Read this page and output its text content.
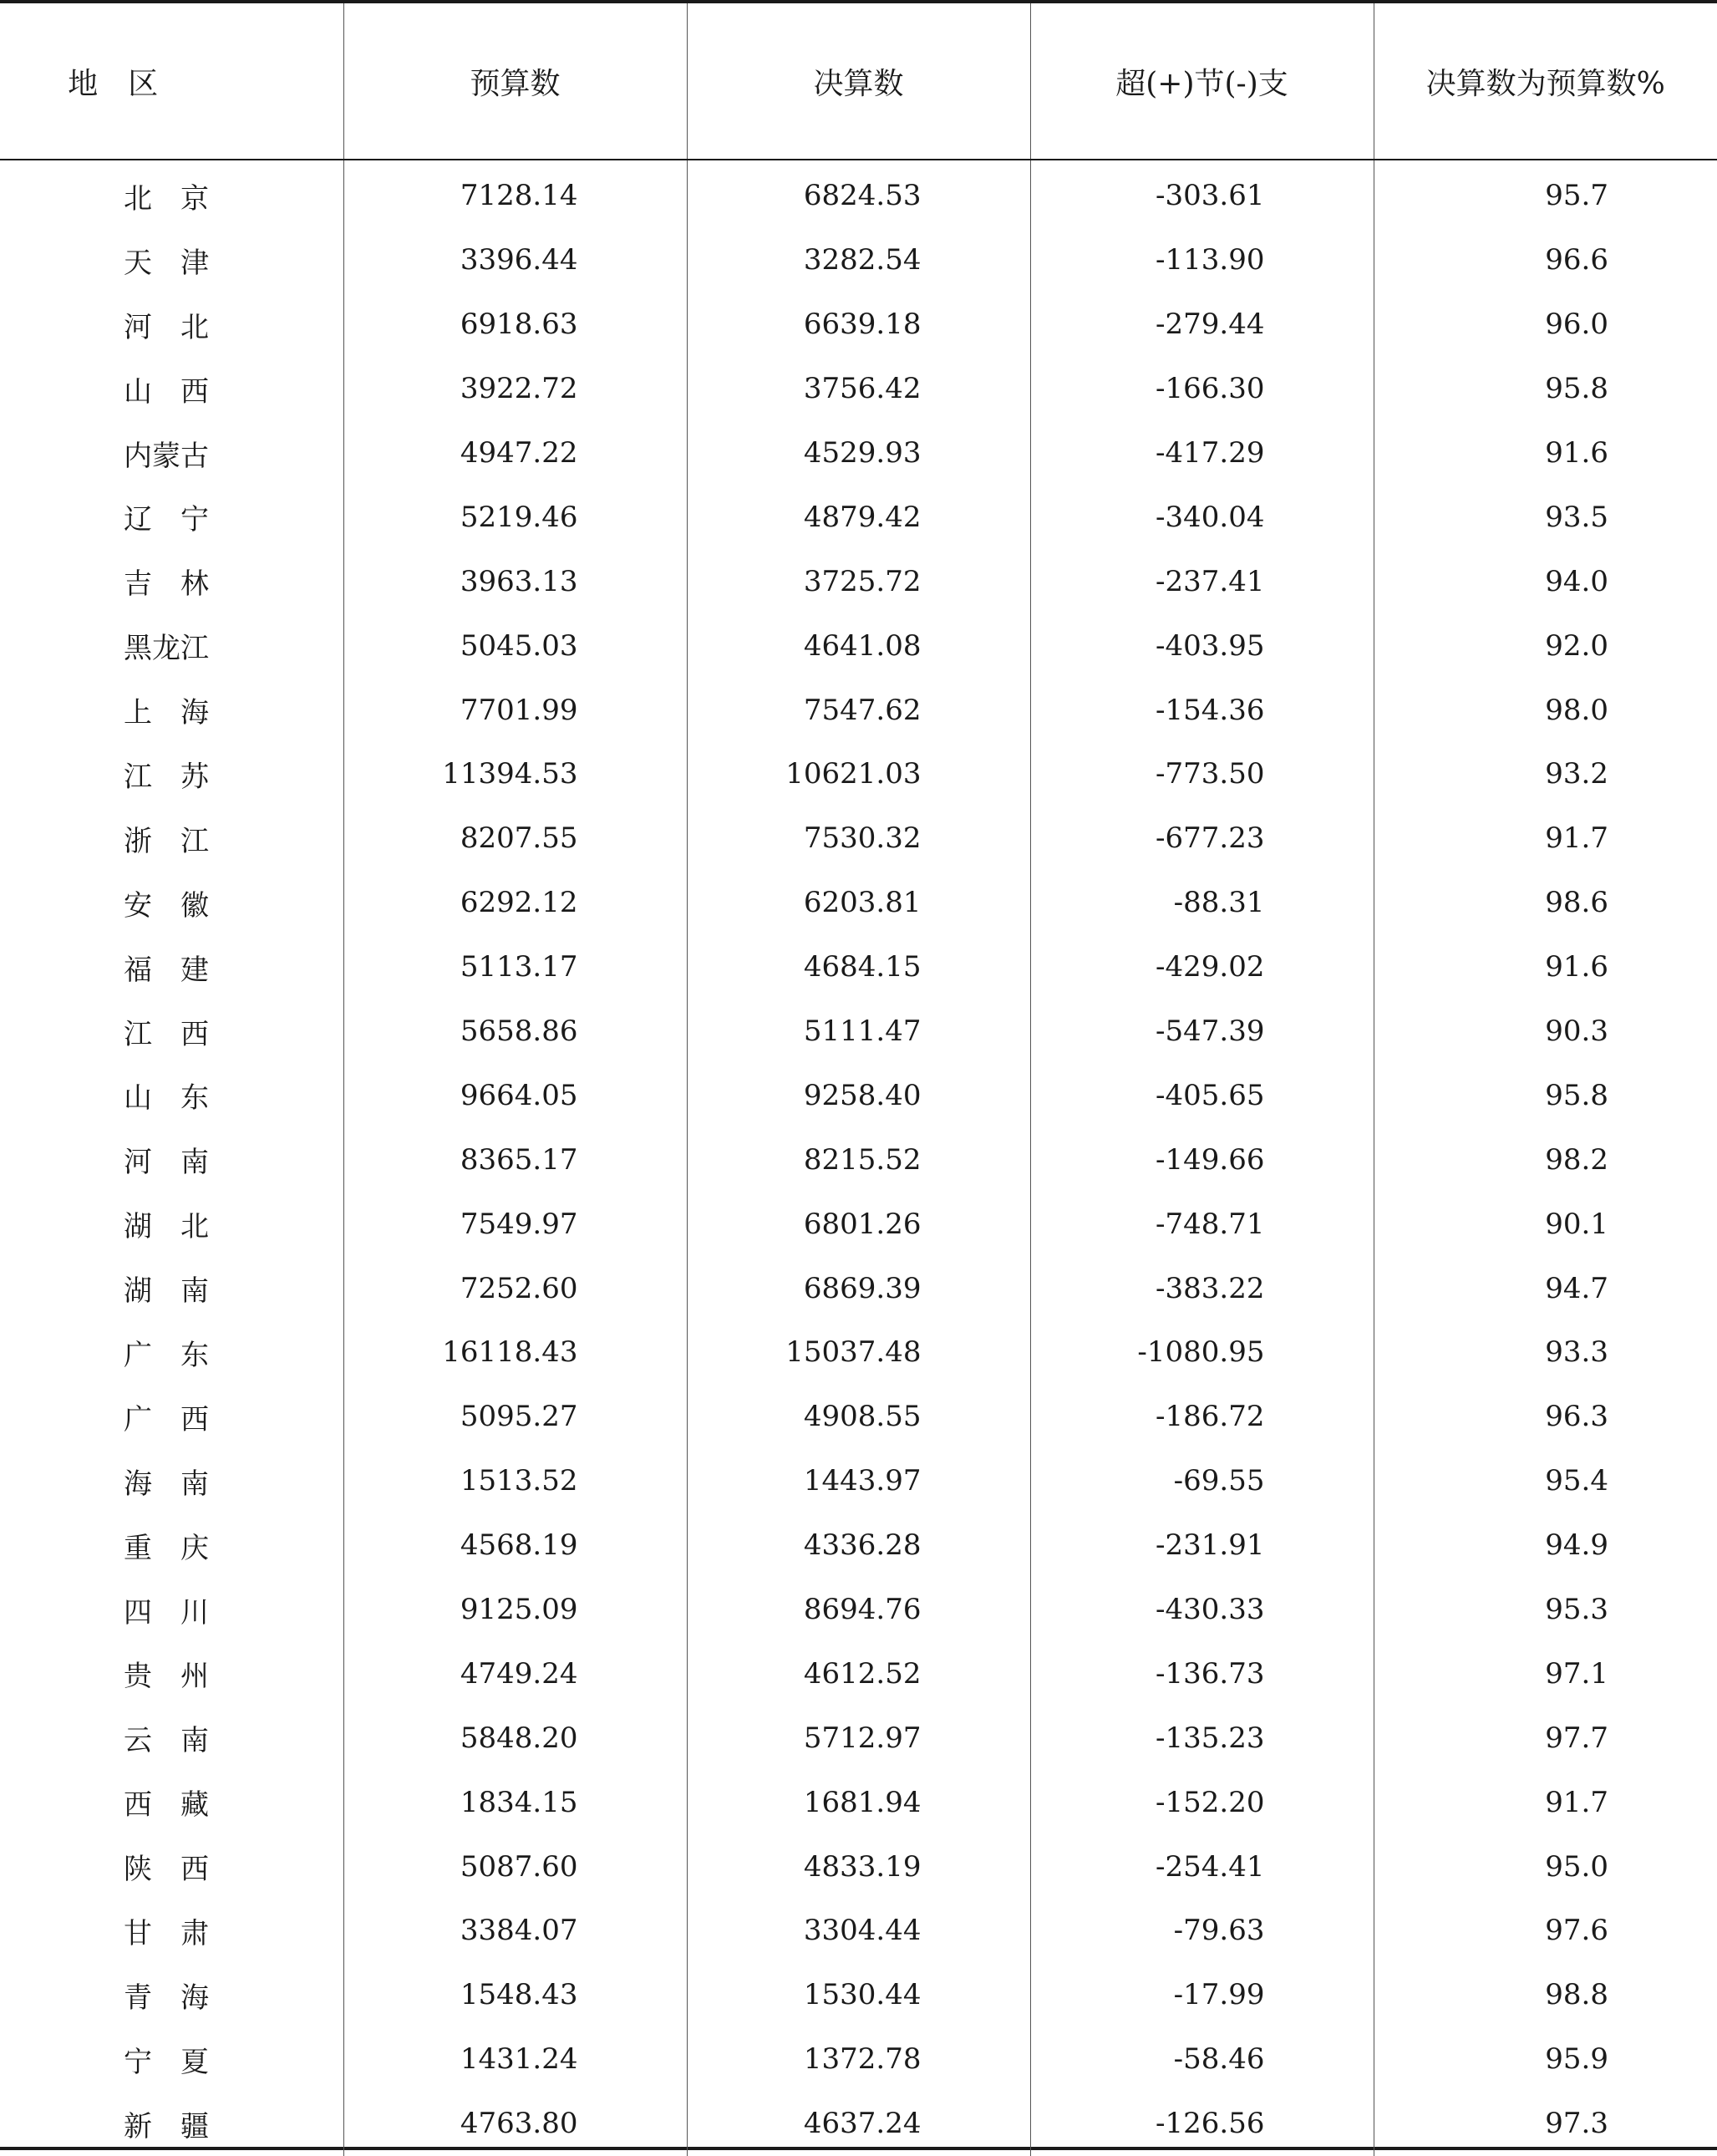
地　区	预算数	决算数	超(+)节(-)支	决算数为预算数%
北　京	7128.14	6824.53	-303.61	95.7
天　津	3396.44	3282.54	-113.90	96.6
河　北	6918.63	6639.18	-279.44	96.0
山　西	3922.72	3756.42	-166.30	95.8
内蒙古	4947.22	4529.93	-417.29	91.6
辽　宁	5219.46	4879.42	-340.04	93.5
吉　林	3963.13	3725.72	-237.41	94.0
黑龙江	5045.03	4641.08	-403.95	92.0
上　海	7701.99	7547.62	-154.36	98.0
江　苏	11394.53	10621.03	-773.50	93.2
浙　江	8207.55	7530.32	-677.23	91.7
安　徽	6292.12	6203.81	-88.31	98.6
福　建	5113.17	4684.15	-429.02	91.6
江　西	5658.86	5111.47	-547.39	90.3
山　东	9664.05	9258.40	-405.65	95.8
河　南	8365.17	8215.52	-149.66	98.2
湖　北	7549.97	6801.26	-748.71	90.1
湖　南	7252.60	6869.39	-383.22	94.7
广　东	16118.43	15037.48	-1080.95	93.3
广　西	5095.27	4908.55	-186.72	96.3
海　南	1513.52	1443.97	-69.55	95.4
重　庆	4568.19	4336.28	-231.91	94.9
四　川	9125.09	8694.76	-430.33	95.3
贵　州	4749.24	4612.52	-136.73	97.1
云　南	5848.20	5712.97	-135.23	97.7
西　藏	1834.15	1681.94	-152.20	91.7
陕　西	5087.60	4833.19	-254.41	95.0
甘　肃	3384.07	3304.44	-79.63	97.6
青　海	1548.43	1530.44	-17.99	98.8
宁　夏	1431.24	1372.78	-58.46	95.9
新　疆	4763.80	4637.24	-126.56	97.3
